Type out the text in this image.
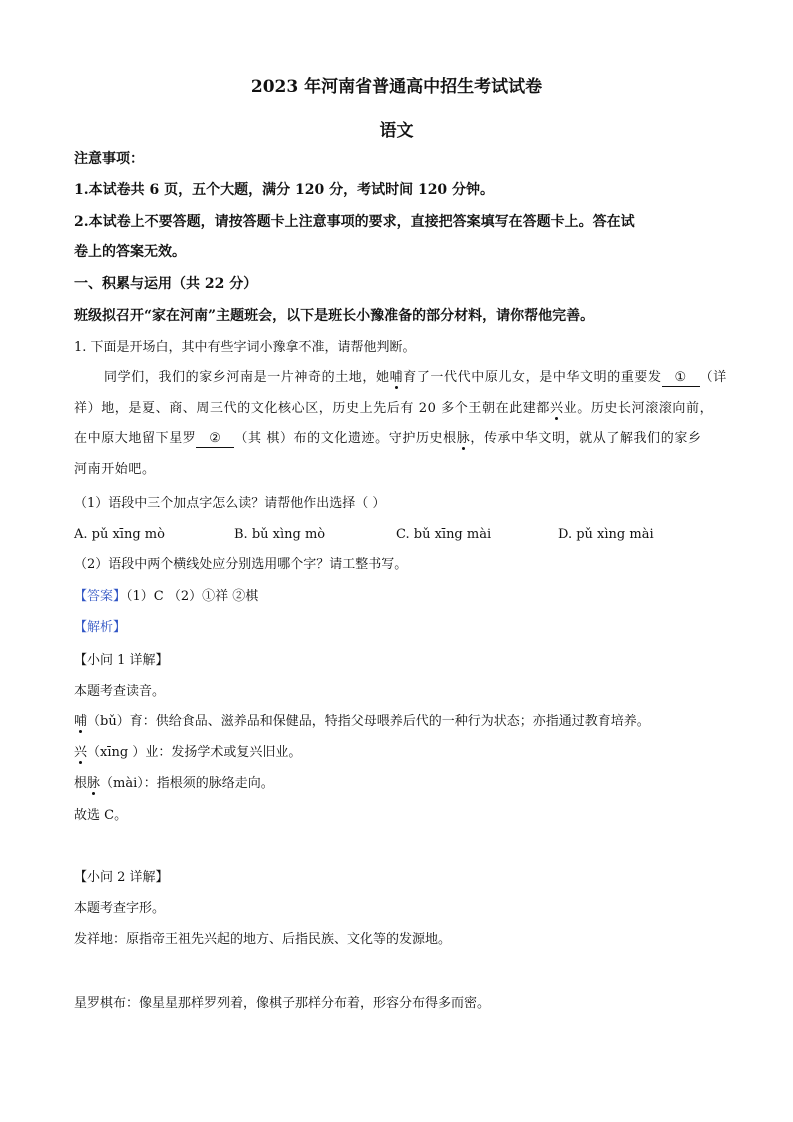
2023 年河南省普通高中招生考试试卷
语文
注意事项：
1.本试卷共 6 页，五个大题，满分 120 分，考试时间 120 分钟。
2.本试卷上不要答题，请按答题卡上注意事项的要求，直接把答案填写在答题卡上。答在试
卷上的答案无效。
一、积累与运用（共 22 分）
班级拟召开“家在河南”主题班会，以下是班长小豫准备的部分材料，请你帮他完善。
1. 下面是开场白，其中有些字词小豫拿不准，请帮他判断。
同学们，我们的家乡河南是一片神奇的土地，她哺育了一代代中原儿女，是中华文明的重要发 ① （详
祥）地，是夏、商、周三代的文化核心区，历史上先后有 20 多个王朝在此建都兴业。历史长河滚滚向前，
在中原大地留下星罗 ② （其 棋）布的文化遗迹。守护历史根脉，传承中华文明，就从了解我们的家乡
河南开始吧。
（1）语段中三个加点字怎么读？请帮他作出选择（ ）
A. pǔ xīng mò	B. bǔ xìng mò	C. bǔ xīng mài	D. pǔ xìng mài
（2）语段中两个横线处应分别选用哪个字？请工整书写。
【答案】（1）C （2）①祥 ②棋
【解析】
【小问 1 详解】
本题考查读音。
哺（bǔ）育：供给食品、滋养品和保健品，特指父母喂养后代的一种行为状态；亦指通过教育培养。
兴（xīng ）业：发扬学术或复兴旧业。
根脉（mài）：指根须的脉络走向。
故选 C。
【小问 2 详解】
本题考查字形。
发祥地：原指帝王祖先兴起的地方、后指民族、文化等的发源地。
星罗棋布：像星星那样罗列着，像棋子那样分布着，形容分布得多而密。
